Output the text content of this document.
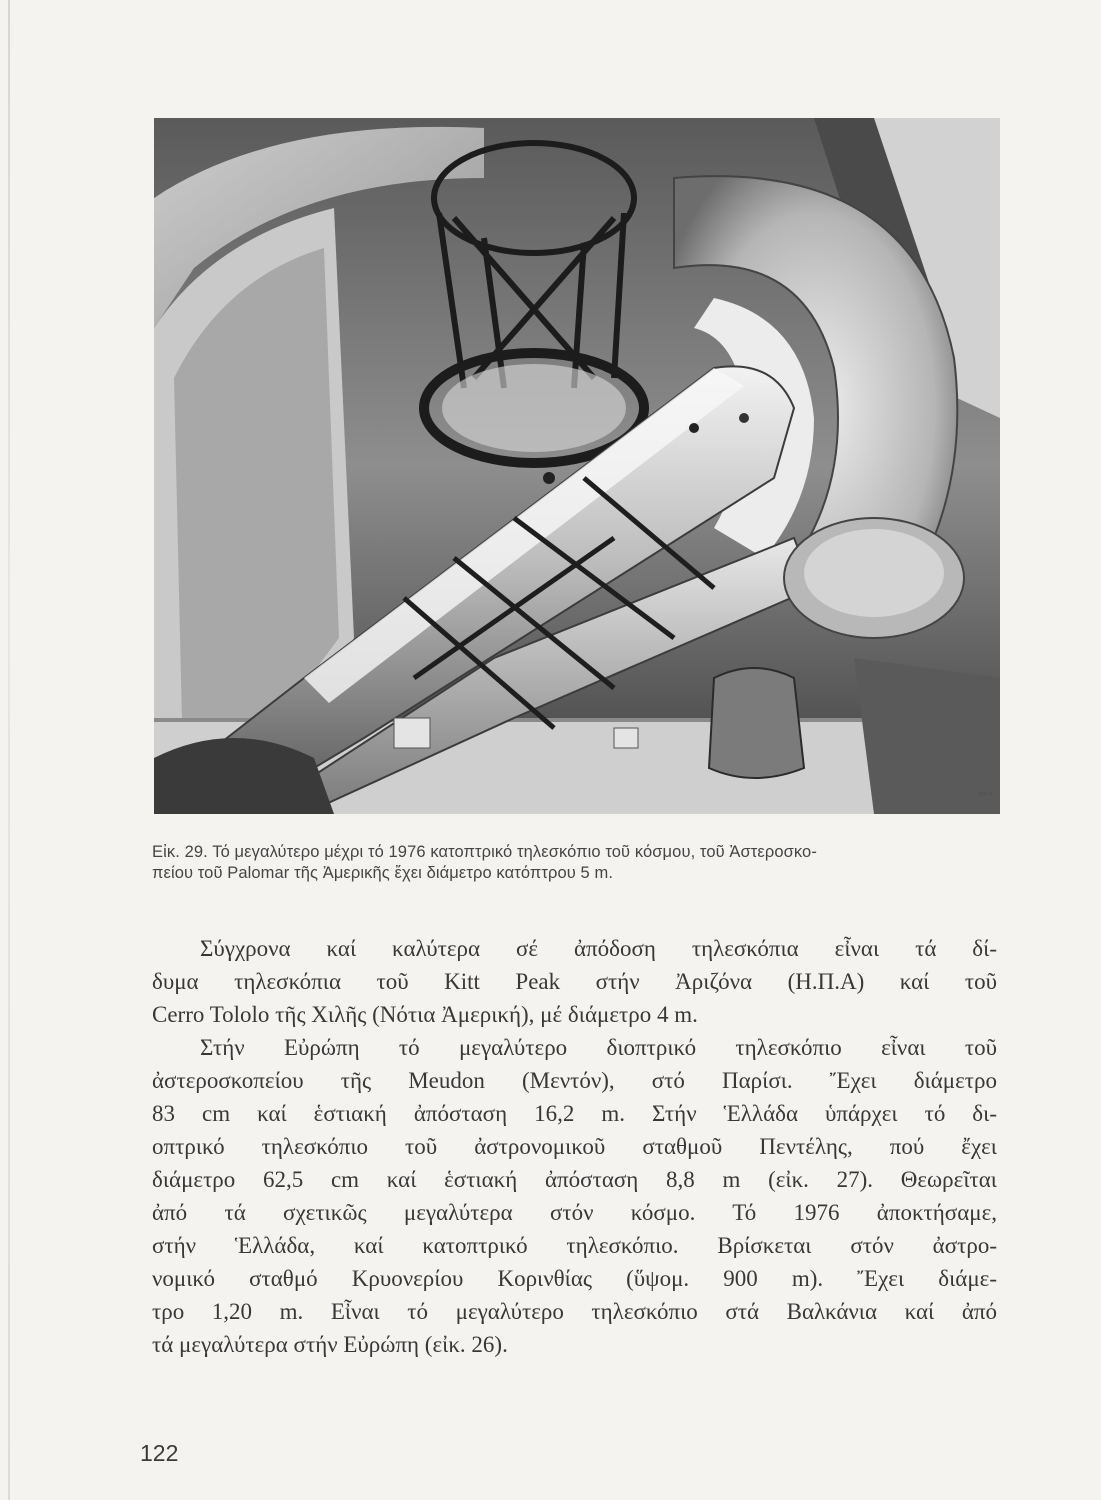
•••
Εἰκ. 29. Τό μεγαλύτερο μέχρι τό 1976 κατοπτρικό τηλεσκόπιο τοῦ κόσμου, τοῦ Ἀστεροσκο-
πείου τοῦ Palomar τῆς Ἀμερικῆς ἔχει διάμετρο κατόπτρου 5 m.
Σύγχρονα καί καλύτερα σέ ἀπόδοση τηλεσκόπια εἶναι τά δί-
δυμα τηλεσκόπια τοῦ Kitt Peak στήν Ἀριζόνα (Η.Π.Α) καί τοῦ
Cerro Tololo τῆς Χιλῆς (Νότια Ἀμερική), μέ διάμετρο 4 m.
Στήν Εὐρώπη τό μεγαλύτερο διοπτρικό τηλεσκόπιο εἶναι τοῦ
ἀστεροσκοπείου τῆς Meudon (Μεντόν), στό Παρίσι. Ἔχει διάμετρο
83 cm καί ἑστιακή ἀπόσταση 16,2 m. Στήν Ἑλλάδα ὑπάρχει τό δι-
οπτρικό τηλεσκόπιο τοῦ ἀστρονομικοῦ σταθμοῦ Πεντέλης, πού ἔχει
διάμετρο 62,5 cm καί ἑστιακή ἀπόσταση 8,8 m (εἰκ. 27). Θεωρεῖται
ἀπό τά σχετικῶς μεγαλύτερα στόν κόσμο. Τό 1976 ἀποκτήσαμε,
στήν Ἑλλάδα, καί κατοπτρικό τηλεσκόπιο. Βρίσκεται στόν ἀστρο-
νομικό σταθμό Κρυονερίου Κορινθίας (ὕψομ. 900 m). Ἔχει διάμε-
τρο 1,20 m. Εἶναι τό μεγαλύτερο τηλεσκόπιο στά Βαλκάνια καί ἀπό
τά μεγαλύτερα στήν Εὐρώπη (εἰκ. 26).
122
